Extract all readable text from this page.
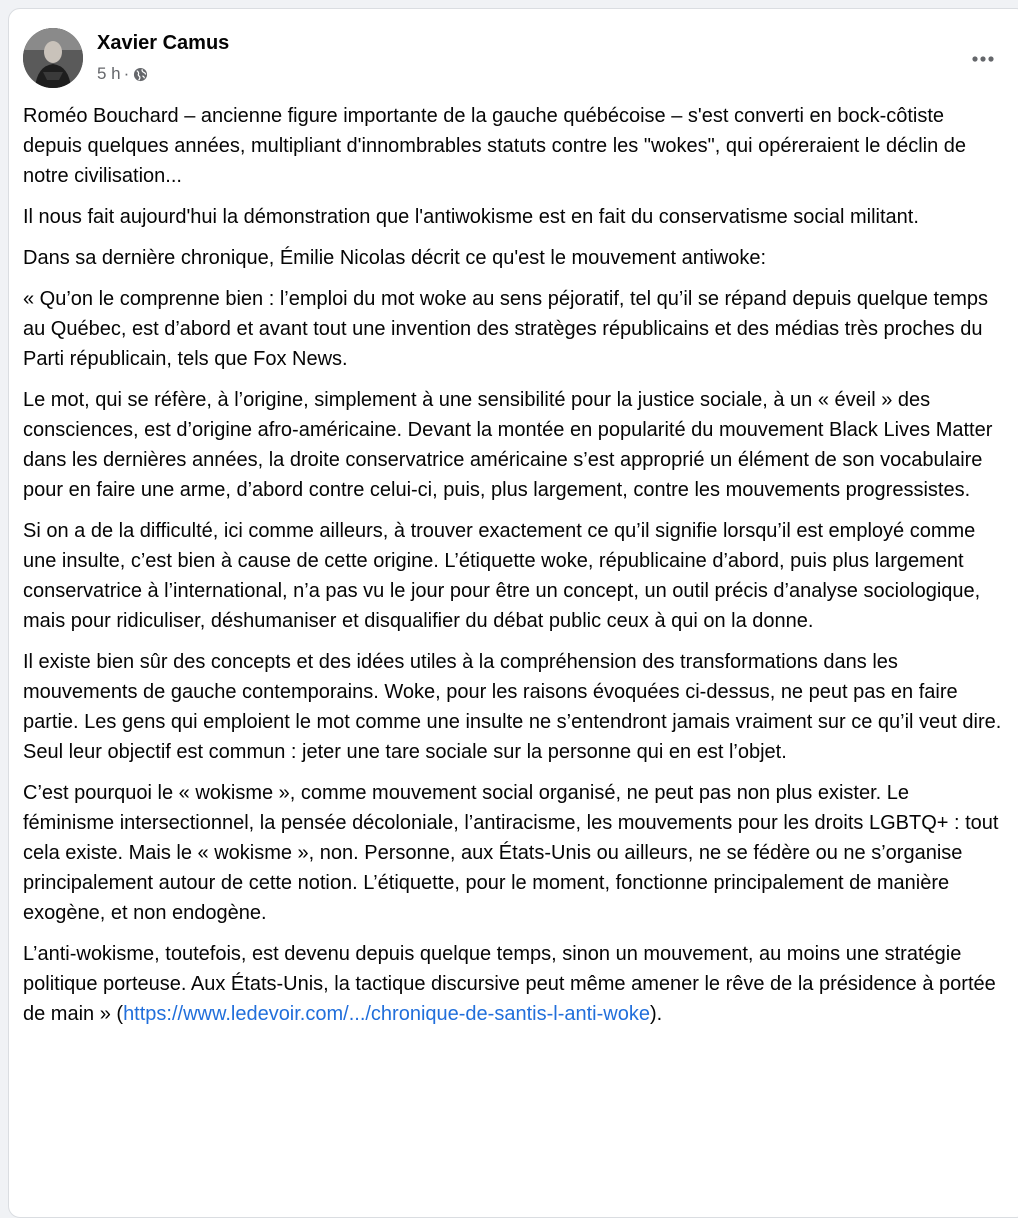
Xavier Camus
5 h ·

Roméo Bouchard – ancienne figure importante de la gauche québécoise – s'est converti en bock-côtiste depuis quelques années, multipliant d'innombrables statuts contre les "wokes", qui opéreraient le déclin de notre civilisation...

Il nous fait aujourd'hui la démonstration que l'antiwokisme est en fait du conservatisme social militant.

Dans sa dernière chronique, Émilie Nicolas décrit ce qu'est le mouvement antiwoke:

« Qu’on le comprenne bien : l’emploi du mot woke au sens péjoratif, tel qu’il se répand depuis quelque temps au Québec, est d’abord et avant tout une invention des stratèges républicains et des médias très proches du Parti républicain, tels que Fox News.

Le mot, qui se réfère, à l’origine, simplement à une sensibilité pour la justice sociale, à un « éveil » des consciences, est d’origine afro-américaine. Devant la montée en popularité du mouvement Black Lives Matter dans les dernières années, la droite conservatrice américaine s’est approprié un élément de son vocabulaire pour en faire une arme, d’abord contre celui-ci, puis, plus largement, contre les mouvements progressistes.

Si on a de la difficulté, ici comme ailleurs, à trouver exactement ce qu’il signifie lorsqu’il est employé comme une insulte, c’est bien à cause de cette origine. L’étiquette woke, républicaine d’abord, puis plus largement conservatrice à l’international, n’a pas vu le jour pour être un concept, un outil précis d’analyse sociologique, mais pour ridiculiser, déshumaniser et disqualifier du débat public ceux à qui on la donne.

Il existe bien sûr des concepts et des idées utiles à la compréhension des transformations dans les mouvements de gauche contemporains. Woke, pour les raisons évoquées ci-dessus, ne peut pas en faire partie. Les gens qui emploient le mot comme une insulte ne s’entendront jamais vraiment sur ce qu’il veut dire. Seul leur objectif est commun : jeter une tare sociale sur la personne qui en est l’objet.

C’est pourquoi le « wokisme », comme mouvement social organisé, ne peut pas non plus exister. Le féminisme intersectionnel, la pensée décoloniale, l’antiracisme, les mouvements pour les droits LGBTQ+ : tout cela existe. Mais le « wokisme », non. Personne, aux États-Unis ou ailleurs, ne se fédère ou ne s’organise principalement autour de cette notion. L’étiquette, pour le moment, fonctionne principalement de manière exogène, et non endogène.

L’anti-wokisme, toutefois, est devenu depuis quelque temps, sinon un mouvement, au moins une stratégie politique porteuse. Aux États-Unis, la tactique discursive peut même amener le rêve de la présidence à portée de main » (https://www.ledevoir.com/.../chronique-de-santis-l-anti-woke).
